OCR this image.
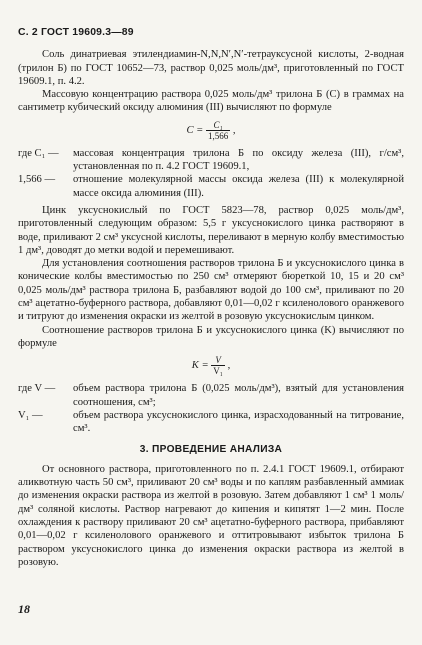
С. 2 ГОСТ 19609.3—89

Соль динатриевая этилендиамин-N,N,N′,N′-тетрауксусной кислоты, 2-водная (трилон Б) по ГОСТ 10652—73, раствор 0,025 моль/дм³, приготовленный по ГОСТ 19609.1, п. 4.2.

Массовую концентрацию раствора 0,025 моль/дм³ трилона Б (C) в граммах на сантиметр кубический оксиду алюминия (III) вычисляют по формуле

$C = \frac{\text{C₁}}{1,566}$ ,
где C₁ —	массовая концентрация трилона Б по оксиду железа (III), г/см³, установленная по п. 4.2 ГОСТ 19609.1,
1,566 —	отношение молекулярной массы оксида железа (III) к молекулярной массе оксида алюминия (III).

Цинк уксуснокислый по ГОСТ 5823—78, раствор 0,025 моль/дм³, приготовленный следующим образом: 5,5 г уксуснокислого цинка растворяют в воде, приливают 2 см³ уксусной кислоты, переливают в мерную колбу вместимостью 1 дм³, доводят до метки водой и перемешивают.

Для установления соотношения растворов трилона Б и уксуснокислого цинка в конические колбы вместимостью по 250 см³ отмеряют бюреткой 10, 15 и 20 см³ 0,025 моль/дм³ раствора трилона Б, разбавляют водой до 100 см³, приливают по 20 см³ ацетатно-буферного раствора, добавляют 0,01—0,02 г ксиленолового оранжевого и титруют до изменения окраски из желтой в розовую уксуснокислым цинком.

Соотношение растворов трилона Б и уксуснокислого цинка (K) вычисляют по формуле

$K = \frac{V}{\text{V₁}}$ ,
где V —	объем раствора трилона Б (0,025 моль/дм³), взятый для установления соотношения, см³;
V₁ —	объем раствора уксуснокислого цинка, израсходованный на титрование, см³.
3. ПРОВЕДЕНИЕ АНАЛИЗА

От основного раствора, приготовленного по п. 2.4.1 ГОСТ 19609.1, отбирают аликвотную часть 50 см³, приливают 20 см³ воды и по каплям разбавленный аммиак до изменения окраски раствора из желтой в розовую. Затем добавляют 1 см³ 1 моль/дм³ соляной кислоты. Раствор нагревают до кипения и кипятят 1—2 мин. После охлаждения к раствору приливают 20 см³ ацетатно-буферного раствора, прибавляют 0,01—0,02 г ксиленолового оранжевого и оттитровывают избыток трилона Б раствором уксуснокислого цинка до изменения окраски раствора из желтой в розовую.

18
